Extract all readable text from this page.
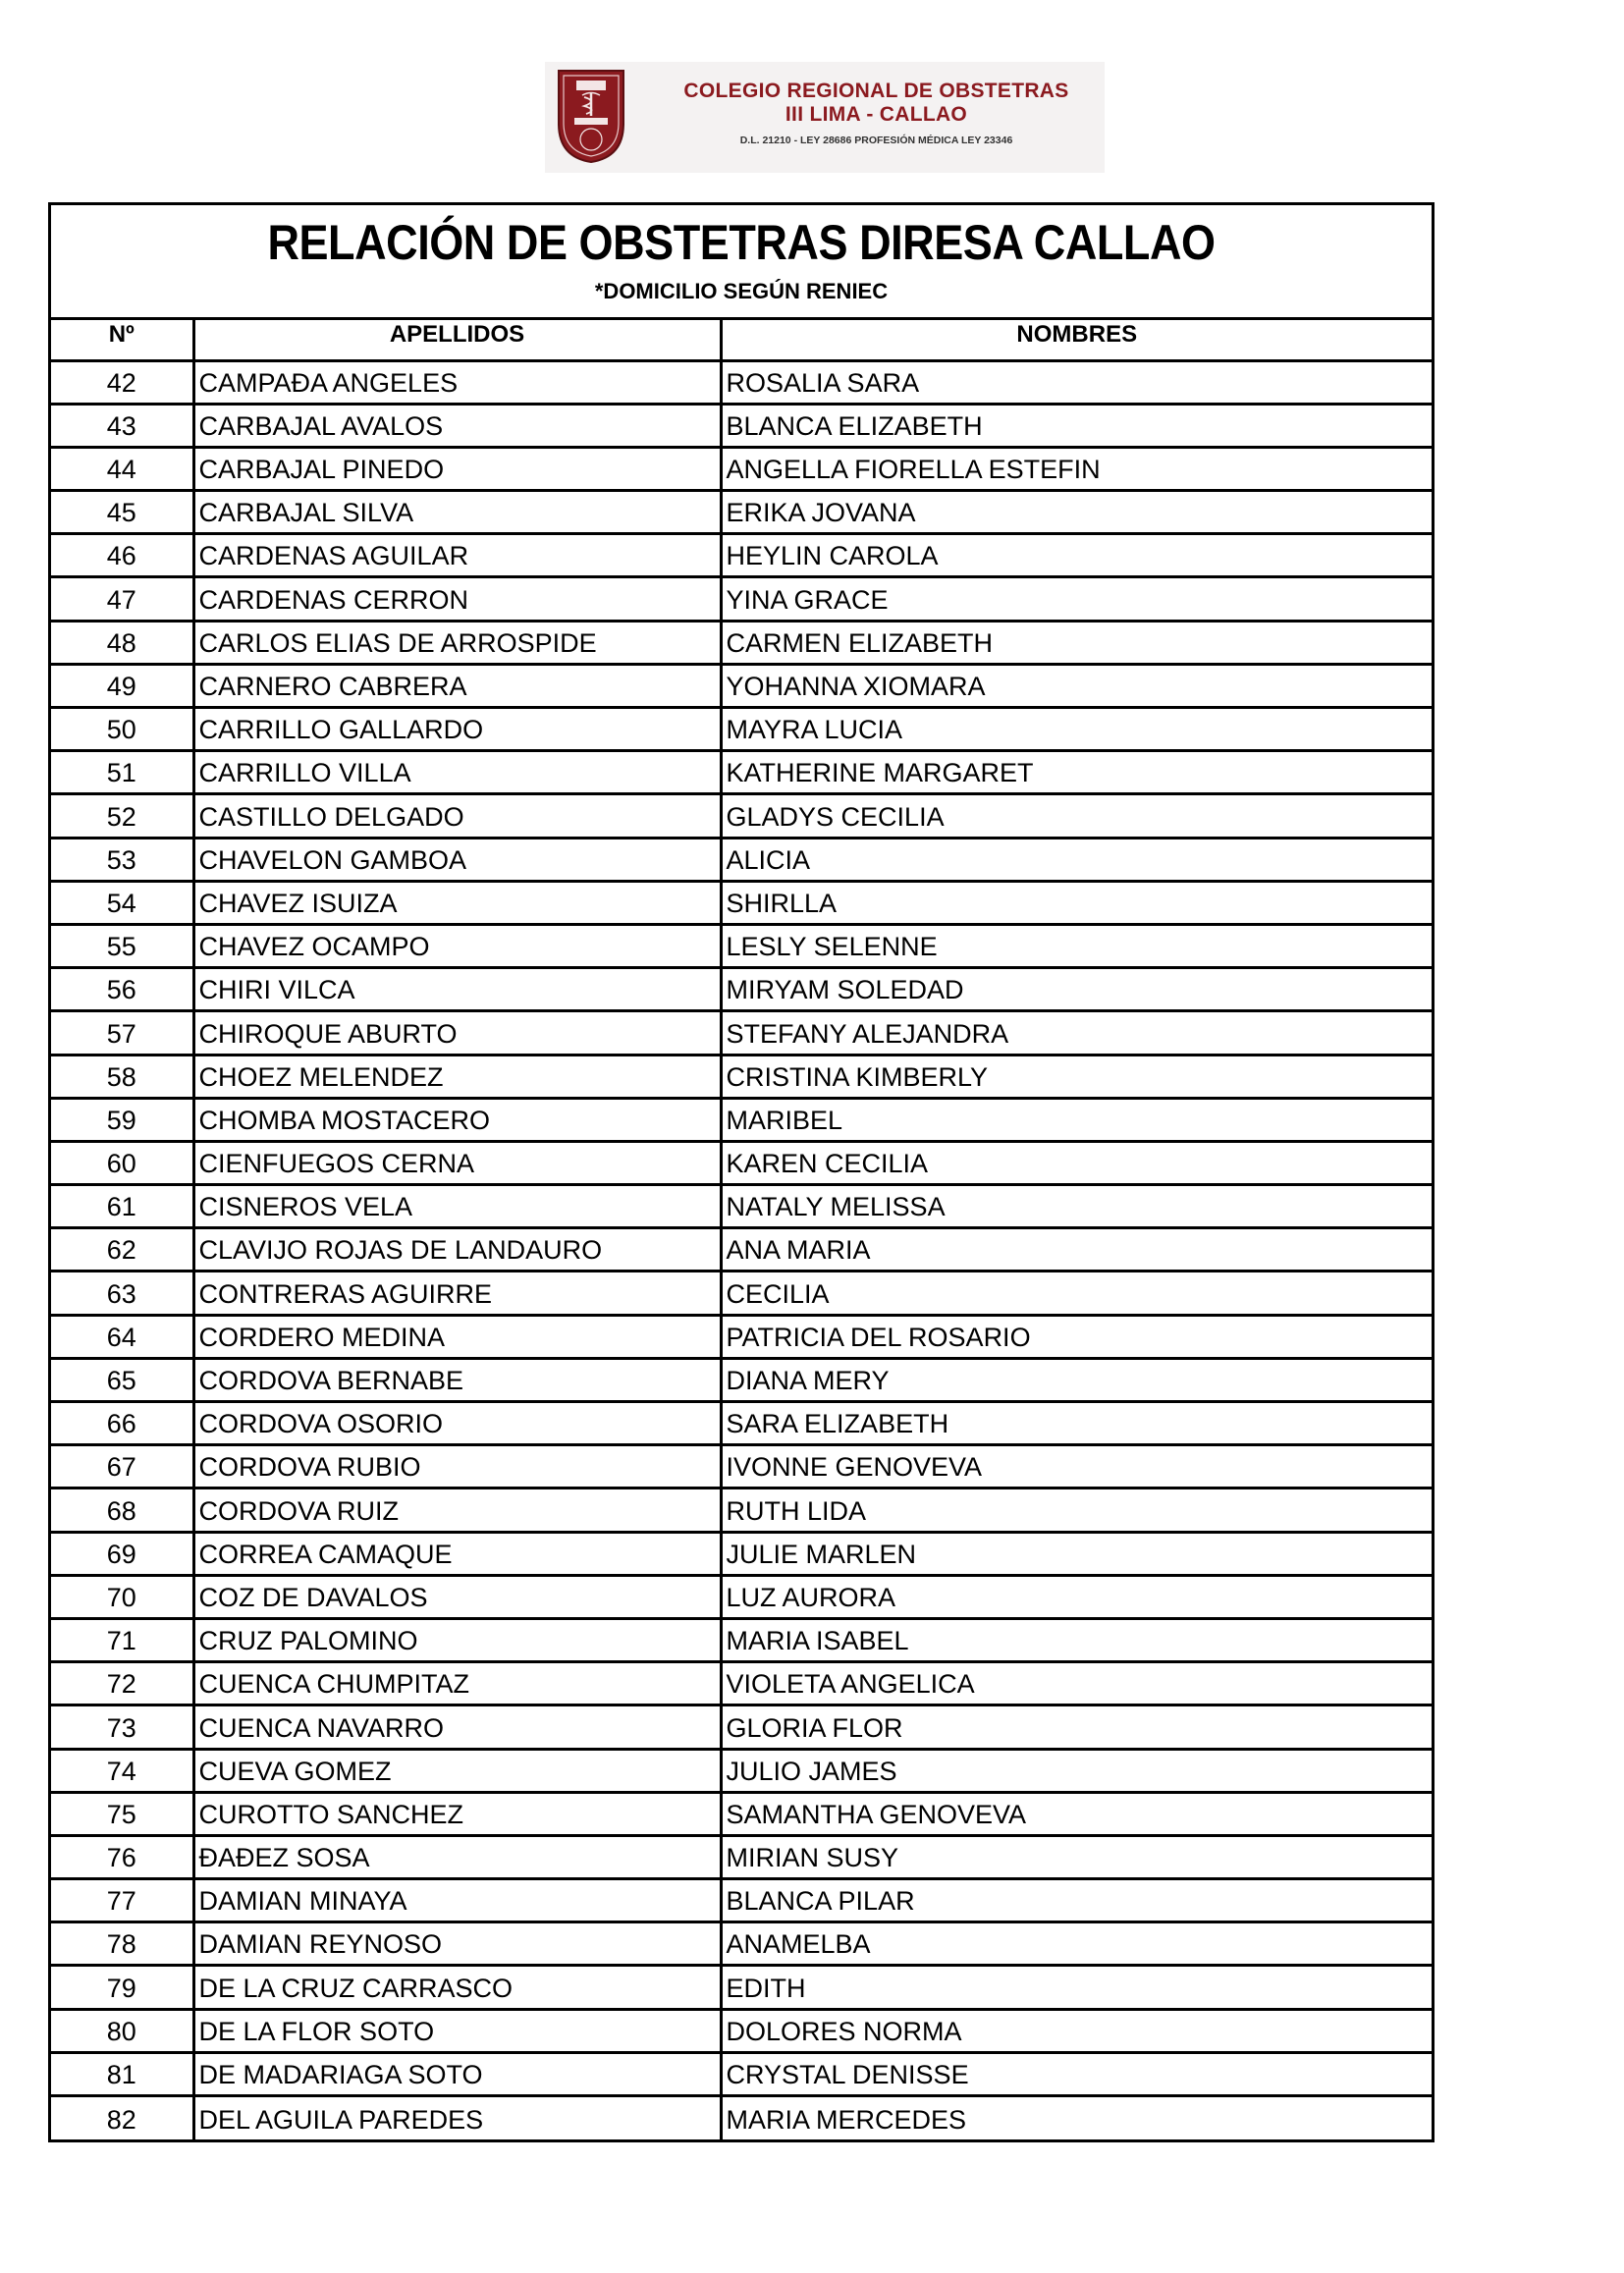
COLEGIO REGIONAL DE OBSTETRAS
III LIMA - CALLAO
D.L. 21210 - LEY 28686 PROFESIÓN MÉDICA LEY 23346
RELACIÓN DE OBSTETRAS DIRESA CALLAO
*DOMICILIO SEGÚN RENIEC
Nº	APELLIDOS	NOMBRES
42	CAMPAĐA ANGELES	ROSALIA SARA
43	CARBAJAL AVALOS	BLANCA ELIZABETH
44	CARBAJAL PINEDO	ANGELLA FIORELLA ESTEFIN
45	CARBAJAL SILVA	ERIKA JOVANA
46	CARDENAS AGUILAR	HEYLIN CAROLA
47	CARDENAS CERRON	YINA GRACE
48	CARLOS ELIAS DE ARROSPIDE	CARMEN ELIZABETH
49	CARNERO CABRERA	YOHANNA XIOMARA
50	CARRILLO GALLARDO	MAYRA LUCIA
51	CARRILLO VILLA	KATHERINE MARGARET
52	CASTILLO DELGADO	GLADYS CECILIA
53	CHAVELON GAMBOA	ALICIA
54	CHAVEZ ISUIZA	SHIRLLA
55	CHAVEZ OCAMPO	LESLY SELENNE
56	CHIRI VILCA	MIRYAM SOLEDAD
57	CHIROQUE ABURTO	STEFANY ALEJANDRA
58	CHOEZ MELENDEZ	CRISTINA KIMBERLY
59	CHOMBA MOSTACERO	MARIBEL
60	CIENFUEGOS CERNA	KAREN CECILIA
61	CISNEROS VELA	NATALY MELISSA
62	CLAVIJO ROJAS DE LANDAURO	ANA MARIA
63	CONTRERAS AGUIRRE	CECILIA
64	CORDERO MEDINA	PATRICIA DEL ROSARIO
65	CORDOVA BERNABE	DIANA MERY
66	CORDOVA OSORIO	SARA ELIZABETH
67	CORDOVA RUBIO	IVONNE GENOVEVA
68	CORDOVA RUIZ	RUTH LIDA
69	CORREA CAMAQUE	JULIE MARLEN
70	COZ DE DAVALOS	LUZ AURORA
71	CRUZ PALOMINO	MARIA ISABEL
72	CUENCA CHUMPITAZ	VIOLETA ANGELICA
73	CUENCA NAVARRO	GLORIA FLOR
74	CUEVA GOMEZ	JULIO JAMES
75	CUROTTO SANCHEZ	SAMANTHA GENOVEVA
76	ĐAĐEZ SOSA	MIRIAN SUSY
77	DAMIAN MINAYA	BLANCA PILAR
78	DAMIAN REYNOSO	ANAMELBA
79	DE LA CRUZ CARRASCO	EDITH
80	DE LA FLOR SOTO	DOLORES NORMA
81	DE MADARIAGA SOTO	CRYSTAL DENISSE
82	DEL AGUILA PAREDES	MARIA MERCEDES
